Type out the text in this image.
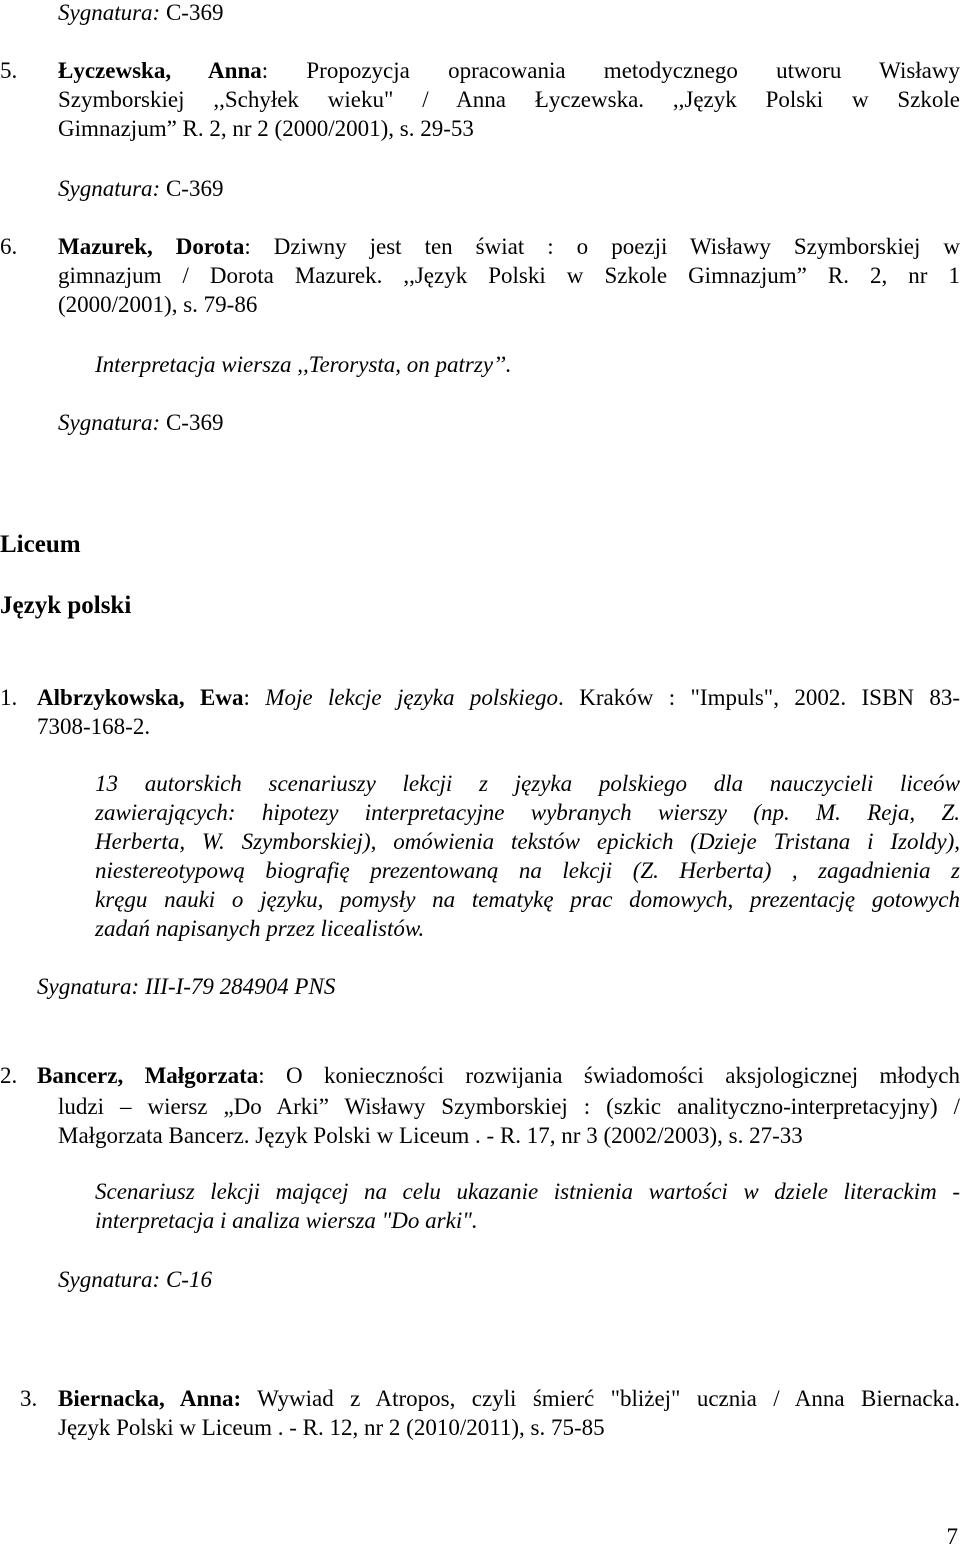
Sygnatura: C-369
5. Łyczewska, Anna: Propozycja opracowania metodycznego utworu Wisławy
Szymborskiej ,,Schyłek wieku" / Anna Łyczewska. ,,Język Polski w Szkole
Gimnazjum” R. 2, nr 2 (2000/2001), s. 29-53
Sygnatura: C-369
6. Mazurek, Dorota: Dziwny jest ten świat : o poezji Wisławy Szymborskiej w
gimnazjum / Dorota Mazurek. ,,Język Polski w Szkole Gimnazjum” R. 2, nr 1
(2000/2001), s. 79-86
Interpretacja wiersza ,,Terorysta, on patrzy’’.
Sygnatura: C-369
Liceum
Język polski
1. Albrzykowska, Ewa: Moje lekcje języka polskiego. Kraków : "Impuls", 2002. ISBN 83-
7308-168-2.
13 autorskich scenariuszy lekcji z języka polskiego dla nauczycieli liceów
zawierających: hipotezy interpretacyjne wybranych wierszy (np. M. Reja, Z.
Herberta, W. Szymborskiej), omówienia tekstów epickich (Dzieje Tristana i Izoldy),
niestereotypową biografię prezentowaną na lekcji (Z. Herberta) , zagadnienia z
kręgu nauki o języku, pomysły na tematykę prac domowych, prezentację gotowych
zadań napisanych przez licealistów.
Sygnatura: III-I-79 284904 PNS
2. Bancerz, Małgorzata: O konieczności rozwijania świadomości aksjologicznej młodych
ludzi – wiersz „Do Arki” Wisławy Szymborskiej : (szkic analityczno-interpretacyjny) /
Małgorzata Bancerz. Język Polski w Liceum . - R. 17, nr 3 (2002/2003), s. 27-33
Scenariusz lekcji mającej na celu ukazanie istnienia wartości w dziele literackim -
interpretacja i analiza wiersza "Do arki".
Sygnatura: C-16
3. Biernacka, Anna: Wywiad z Atropos, czyli śmierć "bliżej" ucznia / Anna Biernacka.
Język Polski w Liceum . - R. 12, nr 2 (2010/2011), s. 75-85
7
